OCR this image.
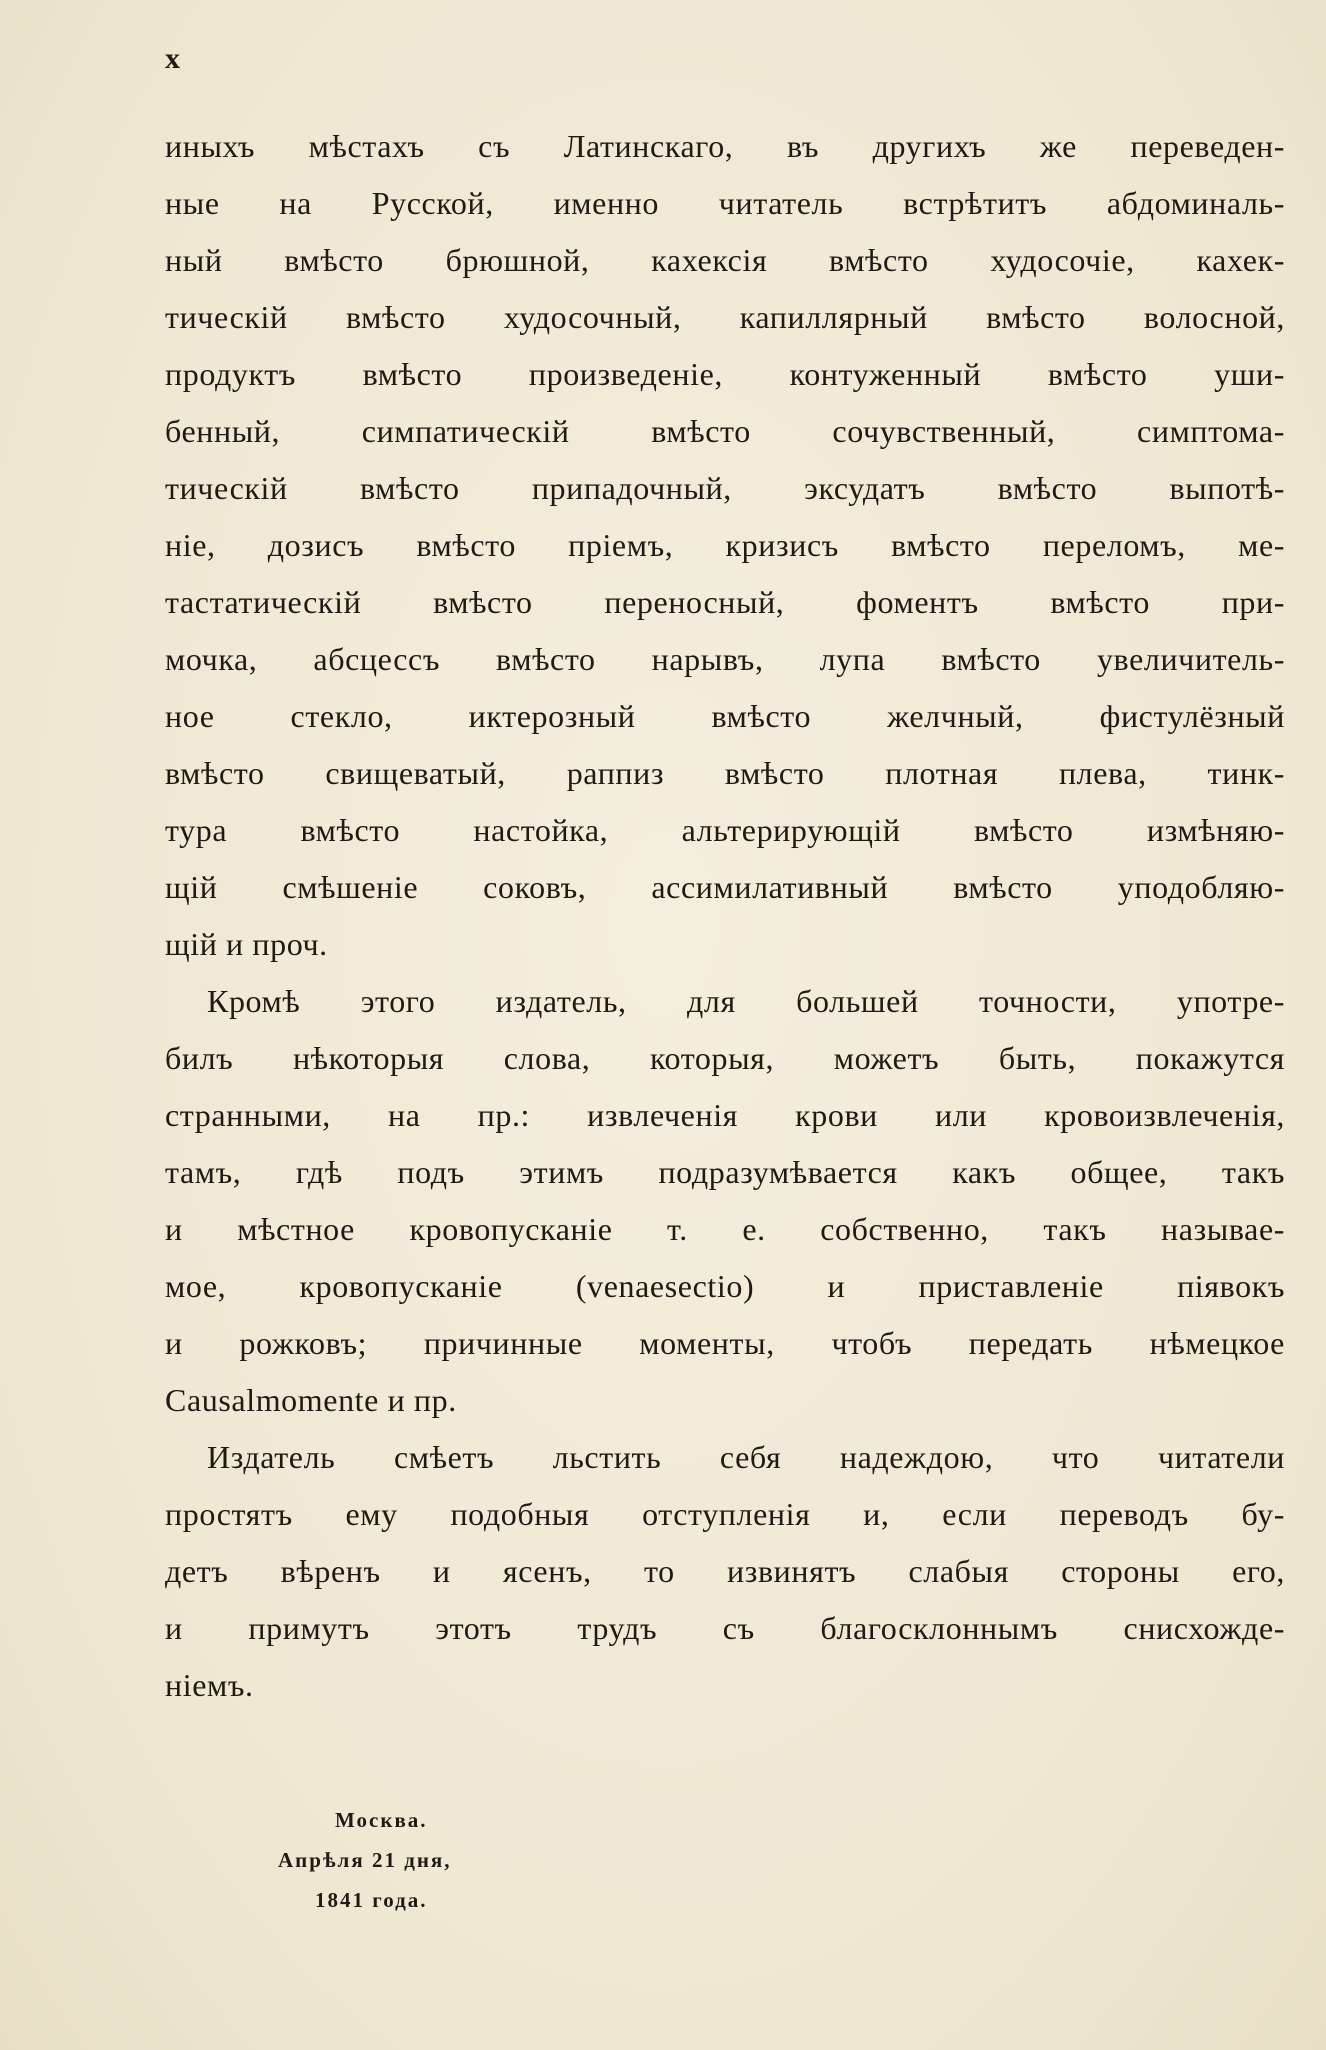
x
иныхъ мѣстахъ съ Латинскаго, въ другихъ же переведен-
ные на Русской, именно читатель встрѣтитъ абдоминаль-
ный вмѣсто брюшной, кахексія вмѣсто худосочіе, кахек-
тическій вмѣсто худосочный, капиллярный вмѣсто волосной,
продуктъ вмѣсто произведеніе, контуженный вмѣсто уши-
бенный, симпатическій вмѣсто сочувственный, симптома-
тическій вмѣсто припадочный, эксудатъ вмѣсто выпотѣ-
ніе, дозисъ вмѣсто пріемъ, кризисъ вмѣсто переломъ, ме-
тастатическій вмѣсто переносный, фоментъ вмѣсто при-
мочка, абсцессъ вмѣсто нарывъ, лупа вмѣсто увеличитель-
ное стекло, иктерозный вмѣсто желчный, фистулёзный
вмѣсто свищеватый, раппиз вмѣсто плотная плева, тинк-
тура вмѣсто настойка, альтерирующій вмѣсто измѣняю-
щій смѣшеніе соковъ, ассимилативный вмѣсто уподобляю-
щій и проч.
Кромѣ этого издатель, для большей точности, употре-
билъ нѣкоторыя слова, которыя, можетъ быть, покажутся
странными, на пр.: извлеченія крови или кровоизвлеченія,
тамъ, гдѣ подъ этимъ подразумѣвается какъ общее, такъ
и мѣстное кровопусканіе т. е. собственно, такъ называе-
мое, кровопусканіе (venaesectio) и приставленіе піявокъ
и рожковъ; причинные моменты, чтобъ передать нѣмецкое
Causalmomente и пр.
Издатель смѣетъ льстить себя надеждою, что читатели
простятъ ему подобныя отступленія и, если переводъ бу-
детъ вѣренъ и ясенъ, то извинятъ слабыя стороны его,
и примутъ этотъ трудъ съ благосклоннымъ снисхожде-
ніемъ.
Москва.
Апрѣля 21 дня,
1841 года.
